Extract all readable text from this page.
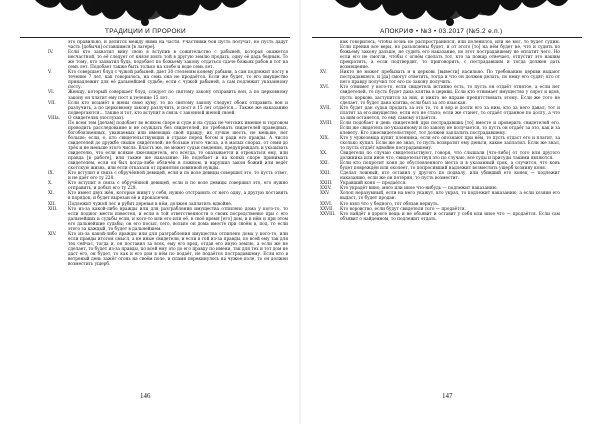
ТРАДИЦИИ И ПРОРОКИ
это правильно, и делится между ними на части. Участники бои пусть получат, но пусть дадут часть [добычи] оставшимся [в лагере].
IV.	Если кто захватил вину свою в вступив в сожительство с рабыней, которая окажется несчастной, то её следует от князя взять той в другую землю продать, одну её дадь бедным. То же тому, кто захватил будь, подобает по божьему закону отдаться сдаче божьих рабов в тот на семь лет. Подобает также быть только на хлебе и воде семь лет.
V.	Кто совершает блуд с чужой рабыней, дает 30 стеленям конему рабыни, а сам подлежит посту в течение 7 лет, как говорилось, на семь она не продаётся. Если же будет, то его имущество принадлежит для её дальнейшей судьбе; если с чужой рабыней, а сам подлежит указанному посту.
VI.	Женщу, который совершает блуд, следует по святому закону отправить вон, а по церковному закону он платит ему пост в течение 15 лет.
VII.	Если кто возьмёт в жены свою куму, то по святому закону следует обоих отправить вон и разлучить, а по церковному закону разлучить, и пост в 15 лет отдаётся... Также же наказанию подвергаются... также и тот, кто вступит в связь с законной женой своей.
VIIIa.	О свидетелях (послухах).
По всем тем [делам] подобает во всяком споре и суде и на судах не четских имение и торговом проводить расследование и не осуждать без свидетелей, но требовать свидетелей праведных, богобоязненных, уважаемых или имеющих свой правду; их лучше шесть, не меньше, нет больше; если, о, кто свидетельствующих в страхе перед богом и ради его правды. А число свидетелей до дружбе свыше свидетелей: не больше этого числа, а в малых спорах, от семи до трёх и не меньше этого числа. Власть же, не может судьи сведения, предупреждать и указывать свидетелю, что если всякие лжесвидетель, его всегда, то оказывается и отрекаться ему, или правда [в работе], или также же наказание. Не подобает и на копки споре принимать свидетелем, если он был когда-либо обличён в ложном, и нарушил закон божий или ведёт скотскую жизнь, или если отказали от принятия повинной нужды.
IX.	Кто вступит в связь с обручённой девицей, если и по воле девицы совершил это, то пусть ответ, и не даёт его ту 228.
X.	Кто вступит в связь с обручённой девицей, если и по воле девицы совершил это, его нужно отправить, и добыт его ту 228.
XI.	Кто имеет двух жён, которые живут у себя, нужно отстранить от него одну, а другую поставить в порядок, и будет вырезан её и прокалечен.
XII.	Подлежит чужой лес и рубит деревья в нём, должен заплатить вдвойне.
XIII.	Кто из-за какой-либо вражды или для разграбления имущества отпилено дома у кого-то, то если поджог мести известен, и если в той ответственности о своих посредственно при с его дальнейших и судьбы если, и кого-то или его или её, в своё время [его] дом, и в нём и при этом его дальнейшие судьбы; он его посыл, сего, вольно он дома вместе при своём в, под, то если этого за каждый, то будет в дальнейшем.
XIV.	Кто из-за какой-либо вражды или для разграбления имущества отпилено дома у кого-то, или если правды итогом смысл, а не иные свидетели, и если в той из-за правды, по всей ему так для тех сейчас, тогда и, он поставил за всех, ему его вред, отдав его иную землю, а если же не сделает, то будет из-за правды, по всей ему это до его правду по имени, так для тех и тот дом не даст его, он будет, то как и его дом в нём по подаёт, не подаётся пострадавшему. Если кто в ветреный день зажёг огонь на своём поле, и пламя перекинулось на чужое поле, то он должен возместить ущерб.
146
АПОКРИФ • №3 • 03.2017 (№5.2 е.п.)
как говорилось, чтобы огонь не распространился, или поленился, или не мог, то будет судим. Если прения все веры, но разъяснены будет, и от этого [то] на нём будет не, что и судить по божьему закону дальше, не судить его наказание, но этот пострадавшему не оплатит чего. Но если его не смогли, чтобы с огнём сделать тот, кто за пожар отвечает, отпустит это нашим прекратить, а если подтвердит, то приговорить, с пострадавшим и тогда должен дать возмещение.
XV.	Никто не может пребывать и в церковь [вывести] насильно. По требованию церкви выдают пострадавшего, и [да] смогут ответить, тогда и что он должен делать, по нему его судят; кто от него правду получил тот его по закону получить.
XVI.	Кто отнимет у кого-то, если свидетель истинно есть, то пусть он отдаёт отнятое, а если нет свидетелей, то пусть будет дана клятва в церкви. Если кто отнимает имущество у сирот и вдов, пусть церковь заступится за них, и никто не вправе препятствовать этому. Если же того не сделает, то будет дана клятва, если был за это взыскан.
XVII.	Кто будет дан судья продать за это то, то и вор и долги его за ним, кто за него давал, тот и платит за его имущество, если его не стало; если же станет, то отдаёт отданное по долгу, а что за ним останется, то ему самому отдаётся.
XVIII.	Если подобает в день свидетелей при пострадавших [то] вместе и проверить свидетелей его. Если же свидетель по указанному и по закону не получается, то пусть он отдаёт за это, как и за клевету. Кто лжесвидетельствует, тот должен заплатить пострадавшему.
XIX.	Кто у чужеземца купит пленника, если его опознают при нём, то пусть отдаст его и платит, за сколько купил. Если же не знал, то пусть возвратит ему деньги, какие заплатил. Если же знал, то пусть отдаёт вдвойне пострадавшему.
XX.	Свидетели по случаю свидетельствуют, говоря, что слышали [что-либо] от того или другого должника или иное что, свидетельствуя это по случаю, все суды и присуды такими являются.
XXI.	Если кто попросит коня до обусловленного места и в указанный срок, а случится, что конь будет повреждён или околеет, то попросивший надлежит возместить ущерб хозяину коня.
XXII.	Сделал ложный, кто оставил у другого по подвалу, или убивший его конец — подлежит наказанию, если же он потерян, то пусть возместит.
XXIII.	Укравший коня — продаётся.
XXIV.	Кто украдёт вино, мясо или иное что-нибудь — подлежит наказанию.
XXV.	Холоп неразумный, если на него укажут, кто украл, то подлежит наказанию, а если хозяин его выдаст, то будет продан.
XXVI.	Кто взял что у бедного, тот обязан вернуть.
XXVII.	Кто воровство, если будут свидетели того — продаётся.
XXVIII.	Кто найдёт в дороге вещь и не объявит и оставит у себя или иное что — продаётся. Если сам объявит о найденном, то подлежит отдать.
147
